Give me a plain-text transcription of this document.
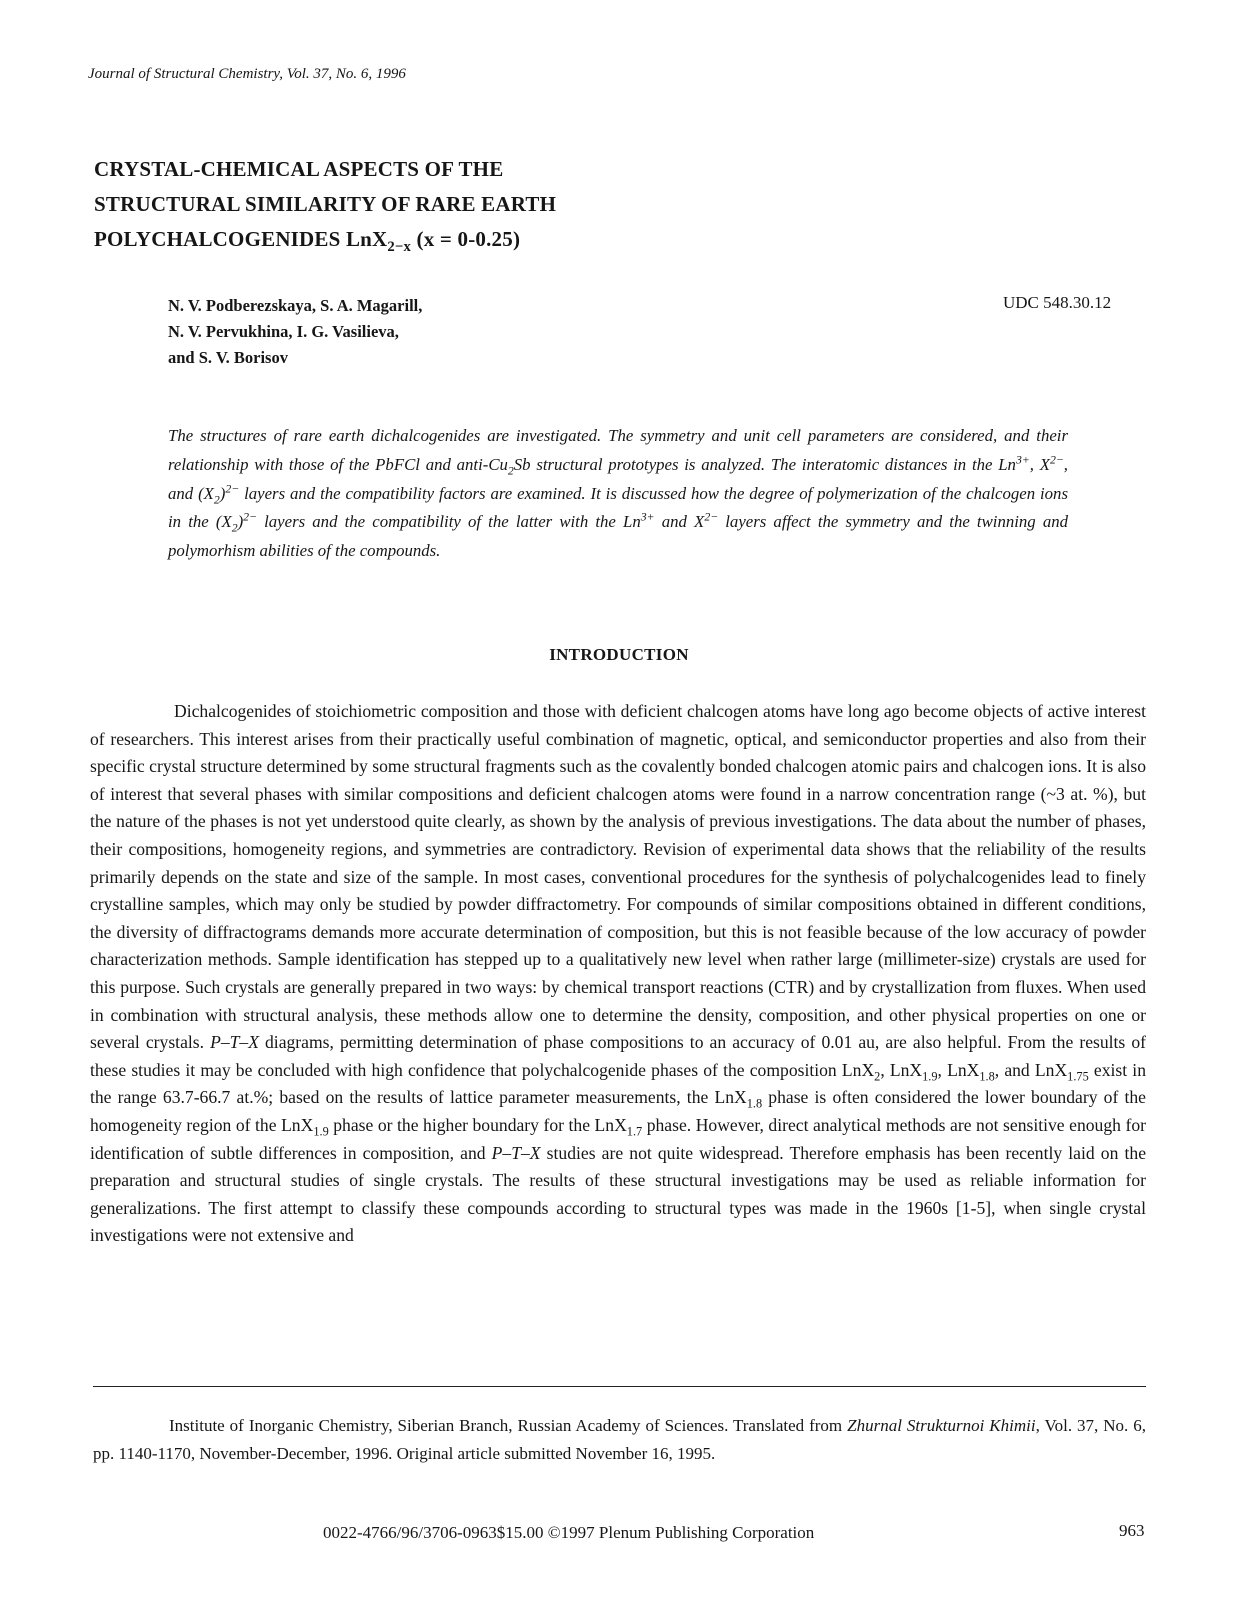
Journal of Structural Chemistry, Vol. 37, No. 6, 1996
CRYSTAL-CHEMICAL ASPECTS OF THE
STRUCTURAL SIMILARITY OF RARE EARTH
POLYCHALCOGENIDES LnX$_{2-x}$ (x = 0-0.25)
N. V. Podberezskaya, S. A. Magarill,
N. V. Pervukhina, I. G. Vasilieva,
and S. V. Borisov
UDC 548.30.12
The structures of rare earth dichalcogenides are investigated. The symmetry and unit cell parameters are considered, and their relationship with those of the PbFCl and anti-$Cu_2Sb$ structural prototypes is analyzed. The interatomic distances in the $Ln^{3+}$, $X^{2-}$, and $(X_2)^{2-}$ layers and the compatibility factors are examined. It is discussed how the degree of polymerization of the chalcogen ions in the $(X_2)^{2-}$ layers and the compatibility of the latter with the $Ln^{3+}$ and $X^{2-}$ layers affect the symmetry and the twinning and polymorhism abilities of the compounds.
INTRODUCTION

Dichalcogenides of stoichiometric composition and those with deficient chalcogen atoms have long ago become objects of active interest of researchers. This interest arises from their practically useful combination of magnetic, optical, and semiconductor properties and also from their specific crystal structure determined by some structural fragments such as the covalently bonded chalcogen atomic pairs and chalcogen ions. It is also of interest that several phases with similar compositions and deficient chalcogen atoms were found in a narrow concentration range (~3 at. %), but the nature of the phases is not yet understood quite clearly, as shown by the analysis of previous investigations. The data about the number of phases, their compositions, homogeneity regions, and symmetries are contradictory. Revision of experimental data shows that the reliability of the results primarily depends on the state and size of the sample. In most cases, conventional procedures for the synthesis of polychalcogenides lead to finely crystalline samples, which may only be studied by powder diffractometry. For compounds of similar compositions obtained in different conditions, the diversity of diffractograms demands more accurate determination of composition, but this is not feasible because of the low accuracy of powder characterization methods. Sample identification has stepped up to a qualitatively new level when rather large (millimeter-size) crystals are used for this purpose. Such crystals are generally prepared in two ways: by chemical transport reactions (CTR) and by crystallization from fluxes. When used in combination with structural analysis, these methods allow one to determine the density, composition, and other physical properties on one or several crystals. P–T–X diagrams, permitting determination of phase compositions to an accuracy of 0.01 au, are also helpful. From the results of these studies it may be concluded with high confidence that polychalcogenide phases of the composition LnX$_2$, LnX$_{1.9}$, LnX$_{1.8}$, and LnX$_{1.75}$ exist in the range 63.7-66.7 at.%; based on the results of lattice parameter measurements, the LnX$_{1.8}$ phase is often considered the lower boundary of the homogeneity region of the LnX$_{1.9}$ phase or the higher boundary for the LnX$_{1.7}$ phase. However, direct analytical methods are not sensitive enough for identification of subtle differences in composition, and P–T–X studies are not quite widespread. Therefore emphasis has been recently laid on the preparation and structural studies of single crystals. The results of these structural investigations may be used as reliable information for generalizations. The first attempt to classify these compounds according to structural types was made in the 1960s [1-5], when single crystal investigations were not extensive and

Institute of Inorganic Chemistry, Siberian Branch, Russian Academy of Sciences. Translated from Zhurnal Strukturnoi Khimii, Vol. 37, No. 6, pp. 1140-1170, November-December, 1996. Original article submitted November 16, 1995.
0022-4766/96/3706-0963$15.00 ©1997 Plenum Publishing Corporation	963
